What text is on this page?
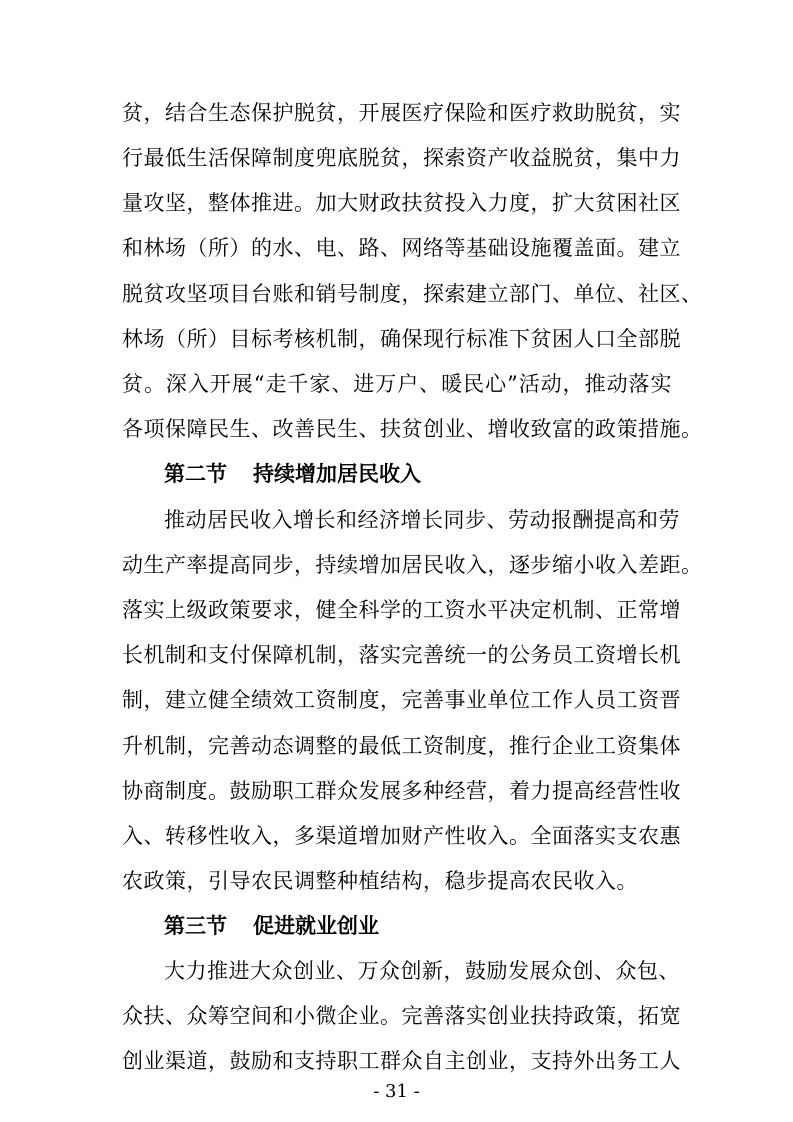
贫，结合生态保护脱贫，开展医疗保险和医疗救助脱贫，实
行最低生活保障制度兜底脱贫，探索资产收益脱贫，集中力
量攻坚，整体推进。加大财政扶贫投入力度，扩大贫困社区
和林场（所）的水、电、路、网络等基础设施覆盖面。建立
脱贫攻坚项目台账和销号制度，探索建立部门、单位、社区、
林场（所）目标考核机制，确保现行标准下贫困人口全部脱
贫。深入开展“走千家、进万户、暖民心”活动，推动落实
各项保障民生、改善民生、扶贫创业、增收致富的政策措施。
第二节 持续增加居民收入
推动居民收入增长和经济增长同步、劳动报酬提高和劳
动生产率提高同步，持续增加居民收入，逐步缩小收入差距。
落实上级政策要求，健全科学的工资水平决定机制、正常增
长机制和支付保障机制，落实完善统一的公务员工资增长机
制，建立健全绩效工资制度，完善事业单位工作人员工资晋
升机制，完善动态调整的最低工资制度，推行企业工资集体
协商制度。鼓励职工群众发展多种经营，着力提高经营性收
入、转移性收入，多渠道增加财产性收入。全面落实支农惠
农政策，引导农民调整种植结构，稳步提高农民收入。
第三节 促进就业创业
大力推进大众创业、万众创新，鼓励发展众创、众包、
众扶、众筹空间和小微企业。完善落实创业扶持政策，拓宽
创业渠道，鼓励和支持职工群众自主创业，支持外出务工人
- 31 -
